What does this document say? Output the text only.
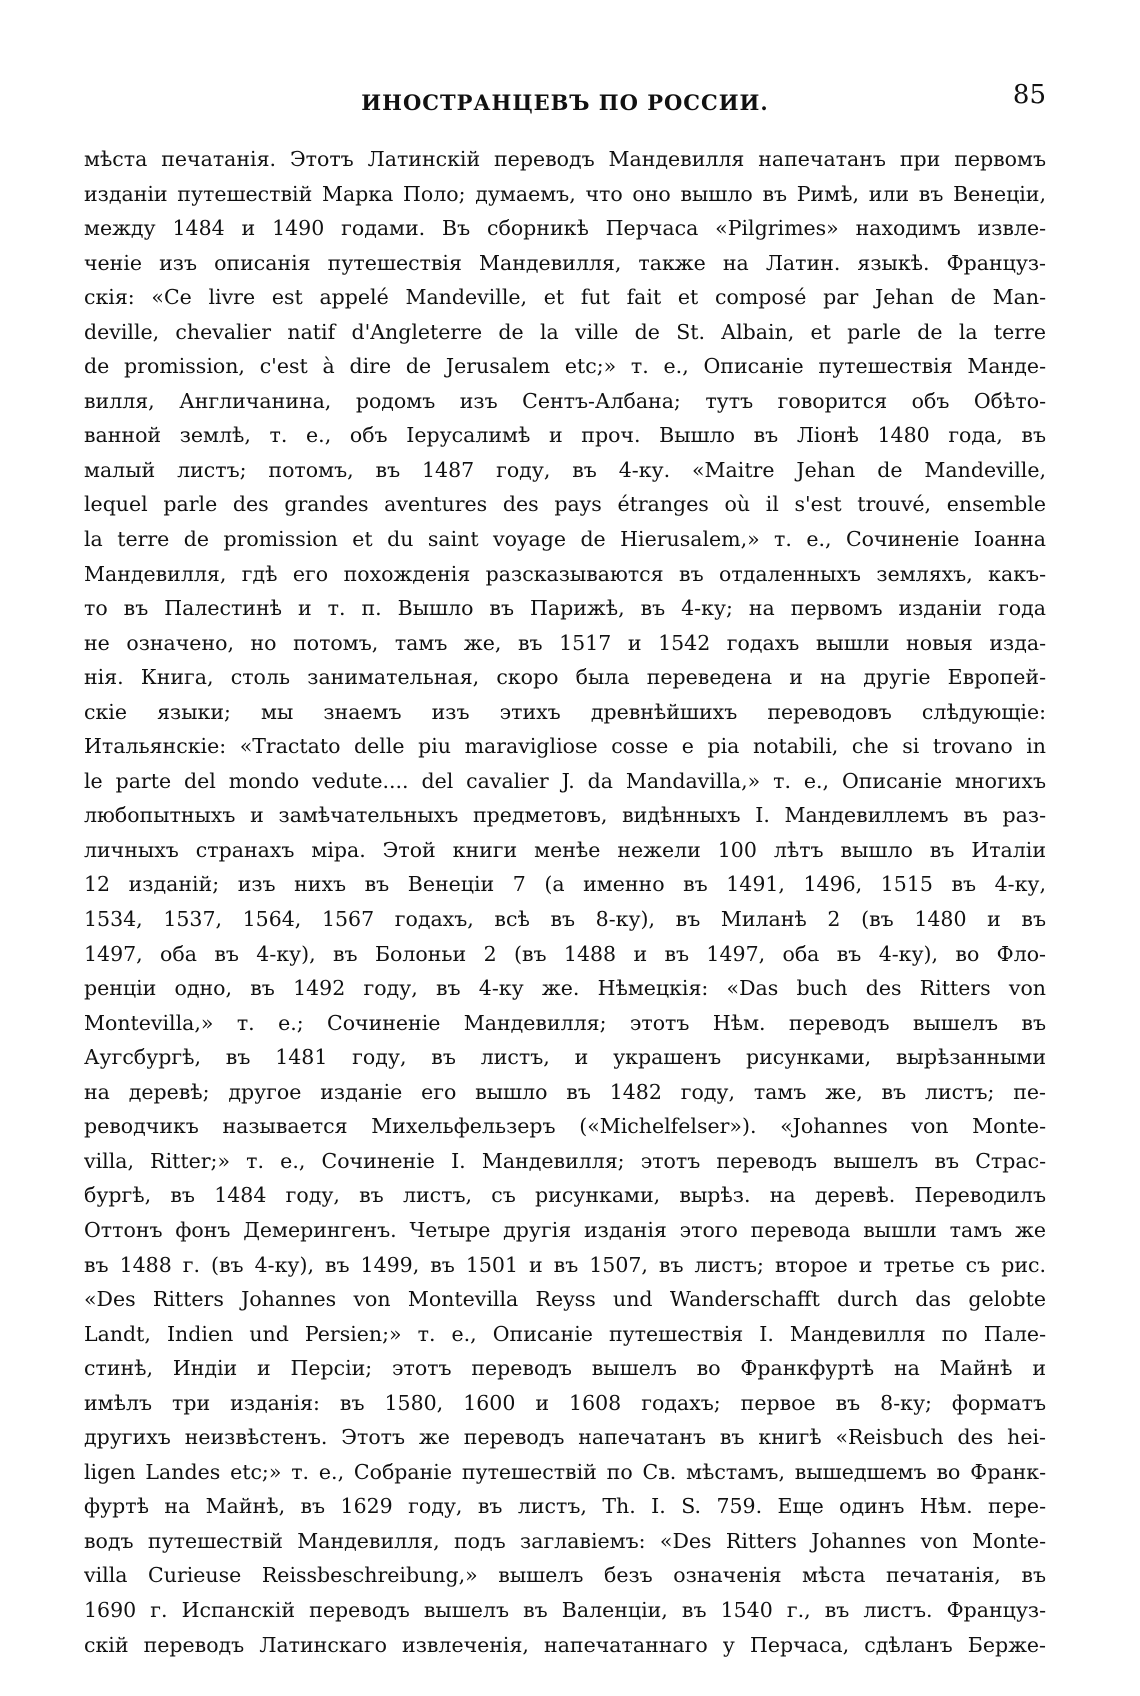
ИНОСТРАНЦЕВЪ ПО РОССИИ.	85
мѣста печатанія. Этотъ Латинскій переводъ Мандевилля напечатанъ при первомъ
изданіи путешествій Марка Поло; думаемъ, что оно вышло въ Римѣ, или въ Венеціи,
между 1484 и 1490 годами. Въ сборникѣ Перчаса «Pilgrimes» находимъ извле-
ченіе изъ описанія путешествія Мандевилля, также на Латин. языкѣ. Француз-
скія: «Ce livre est appelé Mandeville, et fut fait et composé par Jehan de Man-
deville, chevalier natif d'Angleterre de la ville de St. Albain, et parle de la terre
de promission, c'est à dire de Jerusalem etc;» т. е., Описаніе путешествія Мандe-
вилля, Англичанина, родомъ изъ Сентъ-Албана; тутъ говорится объ Обѣто-
ванной землѣ, т. е., объ Іерусалимѣ и проч. Вышло въ Ліонѣ 1480 года, въ
малый листъ; потомъ, въ 1487 году, въ 4-ку. «Maitre Jehan de Mandeville,
lequel parle des grandes aventures des pays étranges où il s'est trouvé, ensemble
la terre de promission et du saint voyage de Hierusalem,» т. е., Сочиненіе Іоанна
Мандевилля, гдѣ его похожденія разсказываются въ отдаленныхъ земляхъ, какъ-
то въ Палестинѣ и т. п. Вышло въ Парижѣ, въ 4-ку; на первомъ изданіи года
не означено, но потомъ, тамъ же, въ 1517 и 1542 годахъ вышли новыя изда-
нія. Книга, столь занимательная, скоро была переведена и на другіе Европей-
скіе языки; мы знаемъ изъ этихъ древнѣйшихъ переводовъ слѣдующіе:
Итальянскіе: «Tractato delle piu maravigliose cosse e pia notabili, che si trovano in
le parte del mondo vedute.... del cavalier J. da Mandavilla,» т. е., Описаніе многихъ
любопытныхъ и замѣчательныхъ предметовъ, видѣнныхъ І. Мандевиллемъ въ раз-
личныхъ странахъ міра. Этой книги менѣе нежели 100 лѣтъ вышло въ Италіи
12 изданій; изъ нихъ въ Венеціи 7 (а именно въ 1491, 1496, 1515 въ 4-ку,
1534, 1537, 1564, 1567 годахъ, всѣ въ 8-ку), въ Миланѣ 2 (въ 1480 и въ
1497, оба въ 4-ку), въ Болоньи 2 (въ 1488 и въ 1497, оба въ 4-ку), во Фло-
ренціи одно, въ 1492 году, въ 4-ку же. Нѣмецкія: «Das buch des Ritters von
Montevilla,» т. е.; Сочиненіе Мандевилля; этотъ Нѣм. переводъ вышелъ въ
Аугсбургѣ, въ 1481 году, въ листъ, и украшенъ рисунками, вырѣзанными
на деревѣ; другое изданіе его вышло въ 1482 году, тамъ же, въ листъ; пе-
реводчикъ называется Михельфельзеръ («Michelfelser»). «Johannes von Monte-
villa, Ritter;» т. е., Сочиненіе І. Мандевилля; этотъ переводъ вышелъ въ Страс-
бургѣ, въ 1484 году, въ листъ, съ рисунками, вырѣз. на деревѣ. Переводилъ
Оттонъ фонъ Демерингенъ. Четыре другія изданія этого перевода вышли тамъ же
въ 1488 г. (въ 4-ку), въ 1499, въ 1501 и въ 1507, въ листъ; второе и третье съ рис.
«Des Ritters Johannes von Montevilla Reyss und Wanderschafft durch das gelobte
Landt, Indien und Persien;» т. е., Описаніе путешествія І. Мандевилля по Пале-
стинѣ, Индіи и Персіи; этотъ переводъ вышелъ во Франкфуртѣ на Майнѣ и
имѣлъ три изданія: въ 1580, 1600 и 1608 годахъ; первое въ 8-ку; форматъ
другихъ неизвѣстенъ. Этотъ же переводъ напечатанъ въ книгѣ «Reisbuch des hei-
ligen Landes etc;» т. е., Собраніе путешествій по Св. мѣстамъ, вышедшемъ во Франк-
фуртѣ на Майнѣ, въ 1629 году, въ листъ, Th. I. S. 759. Еще одинъ Нѣм. пере-
водъ путешествій Мандевилля, подъ заглавіемъ: «Des Ritters Johannes von Monte-
villa Curieuse Reissbeschreibung,» вышелъ безъ означенія мѣста печатанія, въ
1690 г. Испанскій переводъ вышелъ въ Валенціи, въ 1540 г., въ листъ. Француз-
скій переводъ Латинскаго извлеченія, напечатаннаго у Перчаса, сдѣланъ Берже-
